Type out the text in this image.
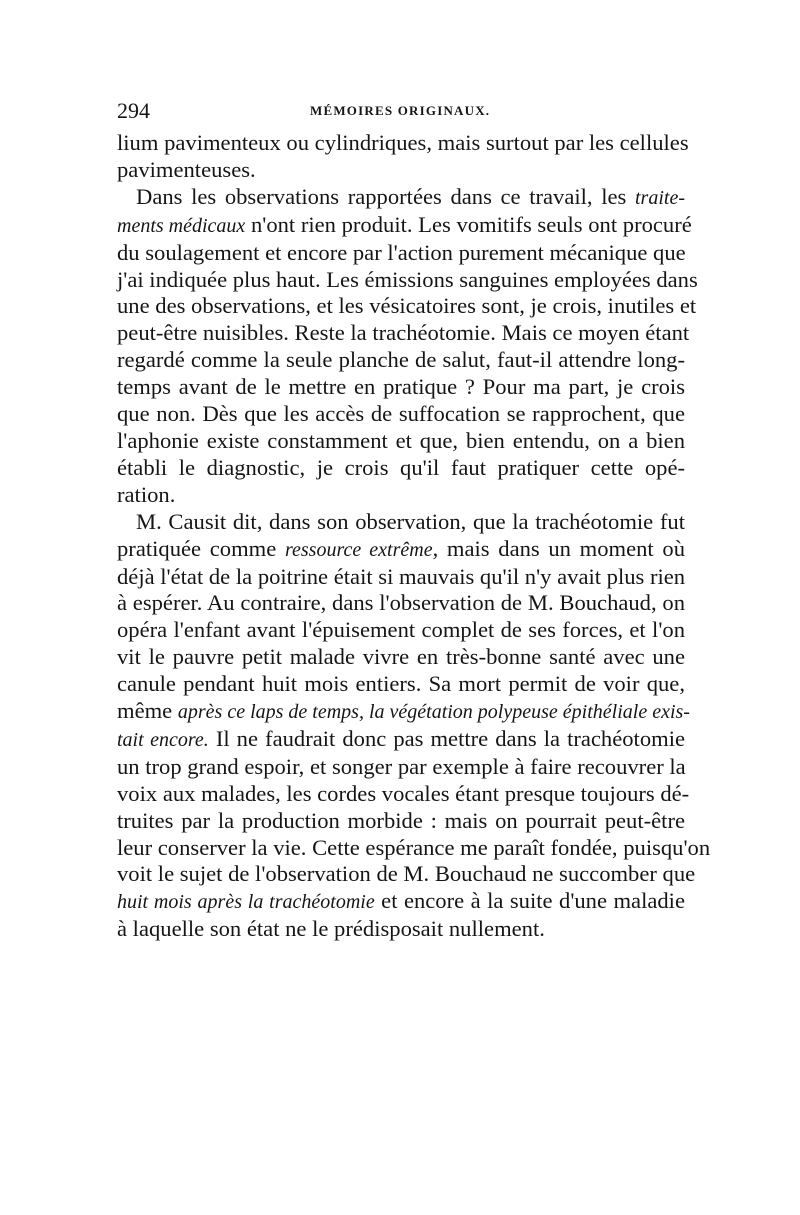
294	MÉMOIRES ORIGINAUX.
lium pavimenteux ou cylindriques, mais surtout par les cellules
pavimenteuses.
Dans les observations rapportées dans ce travail, les traite-
ments médicaux n'ont rien produit. Les vomitifs seuls ont procuré
du soulagement et encore par l'action purement mécanique que
j'ai indiquée plus haut. Les émissions sanguines employées dans
une des observations, et les vésicatoires sont, je crois, inutiles et
peut-être nuisibles. Reste la trachéotomie. Mais ce moyen étant
regardé comme la seule planche de salut, faut-il attendre long-
temps avant de le mettre en pratique ? Pour ma part, je crois
que non. Dès que les accès de suffocation se rapprochent, que
l'aphonie existe constamment et que, bien entendu, on a bien
établi le diagnostic, je crois qu'il faut pratiquer cette opé-
ration.
M. Causit dit, dans son observation, que la trachéotomie fut
pratiquée comme ressource extrême, mais dans un moment où
déjà l'état de la poitrine était si mauvais qu'il n'y avait plus rien
à espérer. Au contraire, dans l'observation de M. Bouchaud, on
opéra l'enfant avant l'épuisement complet de ses forces, et l'on
vit le pauvre petit malade vivre en très-bonne santé avec une
canule pendant huit mois entiers. Sa mort permit de voir que,
même après ce laps de temps, la végétation polypeuse épithéliale exis-
tait encore. Il ne faudrait donc pas mettre dans la trachéotomie
un trop grand espoir, et songer par exemple à faire recouvrer la
voix aux malades, les cordes vocales étant presque toujours dé-
truites par la production morbide : mais on pourrait peut-être
leur conserver la vie. Cette espérance me paraît fondée, puisqu'on
voit le sujet de l'observation de M. Bouchaud ne succomber que
huit mois après la trachéotomie et encore à la suite d'une maladie
à laquelle son état ne le prédisposait nullement.
